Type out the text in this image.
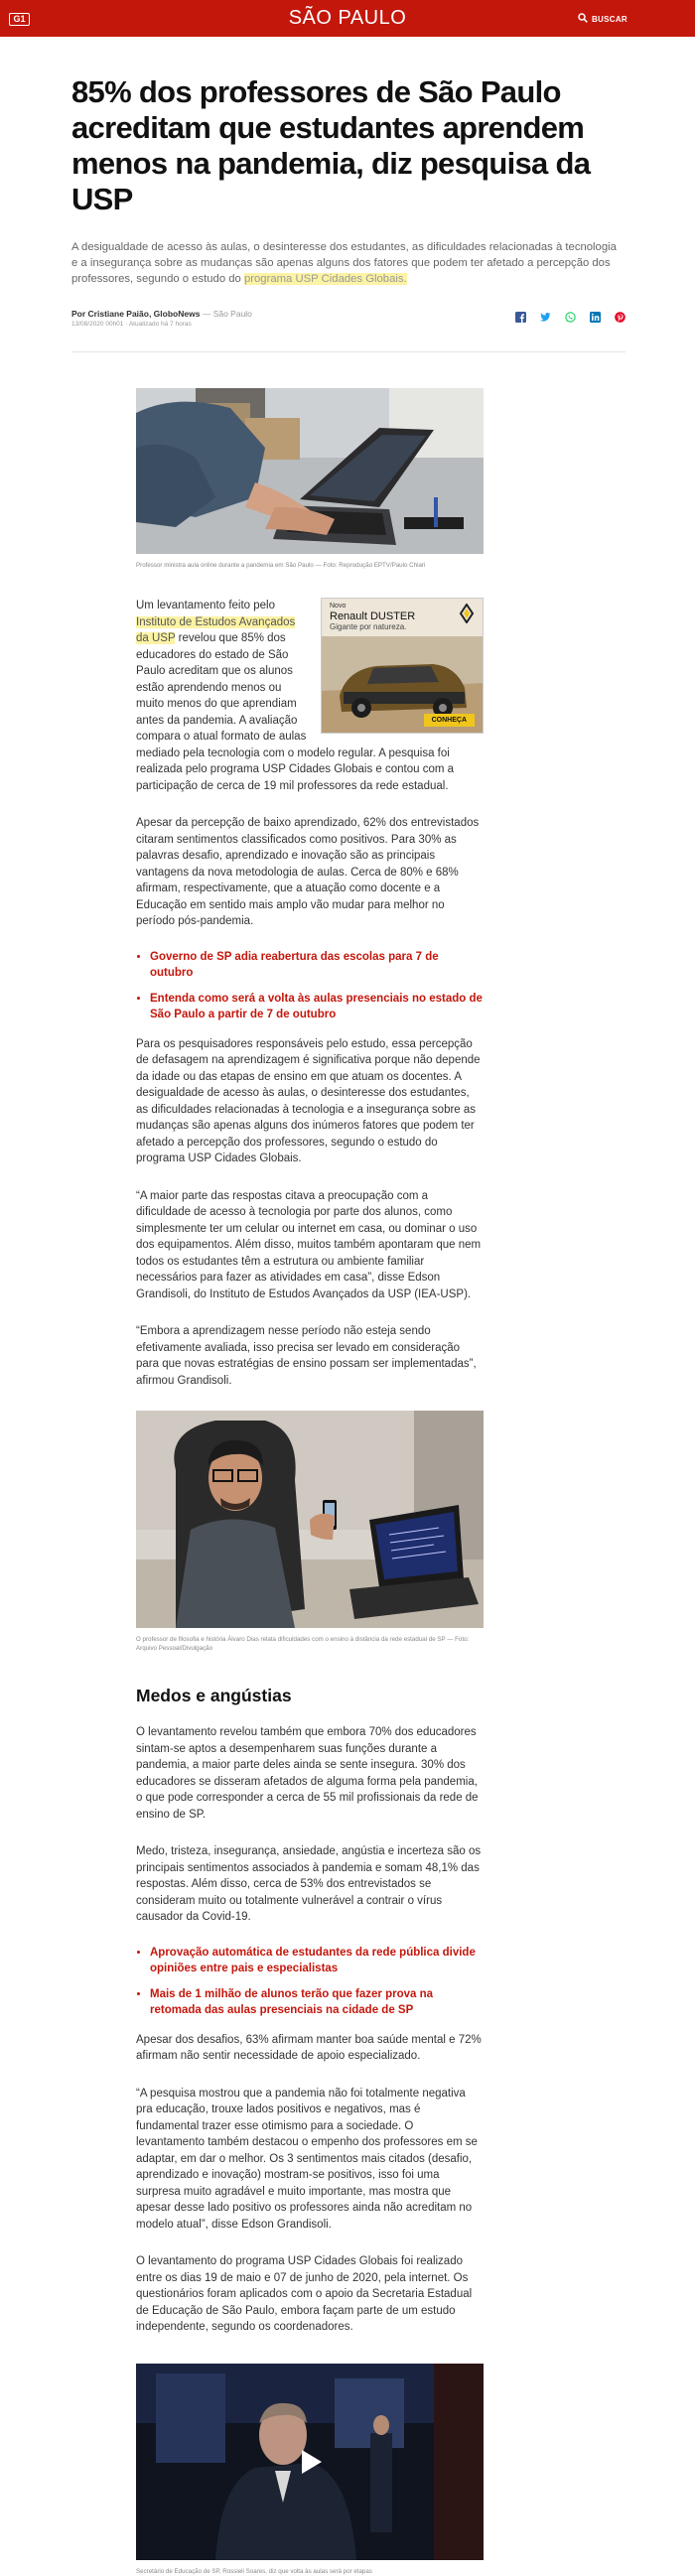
G1	SÃO PAULO	BUSCAR
85% dos professores de São Paulo acreditam que estudantes aprendem menos na pandemia, diz pesquisa da USP

A desigualdade de acesso às aulas, o desinteresse dos estudantes, as dificuldades relacionadas à tecnologia e a insegurança sobre as mudanças são apenas alguns dos fatores que podem ter afetado a percepção dos professores, segundo o estudo do programa USP Cidades Globais.

Por Cristiane Paião, GloboNews — São Paulo
13/08/2020 00h01 · Atualizado há 7 horas
Professor ministra aula online durante a pandemia em São Paulo — Foto: Reprodução EPTV/Paulo Chiari
Novo
Renault DUSTER
Gigante por natureza.
CONHEÇA

Um levantamento feito pelo Instituto de Estudos Avançados da USP revelou que 85% dos educadores do estado de São Paulo acreditam que os alunos estão aprendendo menos ou muito menos do que aprendiam antes da pandemia. A avaliação compara o atual formato de aulas mediado pela tecnologia com o modelo regular. A pesquisa foi realizada pelo programa USP Cidades Globais e contou com a participação de cerca de 19 mil professores da rede estadual.

Apesar da percepção de baixo aprendizado, 62% dos entrevistados citaram sentimentos classificados como positivos. Para 30% as palavras desafio, aprendizado e inovação são as principais vantagens da nova metodologia de aulas. Cerca de 80% e 68% afirmam, respectivamente, que a atuação como docente e a Educação em sentido mais amplo vão mudar para melhor no período pós-pandemia.

• Governo de SP adia reabertura das escolas para 7 de outubro
• Entenda como será a volta às aulas presenciais no estado de São Paulo a partir de 7 de outubro

Para os pesquisadores responsáveis pelo estudo, essa percepção de defasagem na aprendizagem é significativa porque não depende da idade ou das etapas de ensino em que atuam os docentes. A desigualdade de acesso às aulas, o desinteresse dos estudantes, as dificuldades relacionadas à tecnologia e a insegurança sobre as mudanças são apenas alguns dos inúmeros fatores que podem ter afetado a percepção dos professores, segundo o estudo do programa USP Cidades Globais.

“A maior parte das respostas citava a preocupação com a dificuldade de acesso à tecnologia por parte dos alunos, como simplesmente ter um celular ou internet em casa, ou dominar o uso dos equipamentos. Além disso, muitos também apontaram que nem todos os estudantes têm a estrutura ou ambiente familiar necessários para fazer as atividades em casa”, disse Edson Grandisoli, do Instituto de Estudos Avançados da USP (IEA-USP).

“Embora a aprendizagem nesse período não esteja sendo efetivamente avaliada, isso precisa ser levado em consideração para que novas estratégias de ensino possam ser implementadas”, afirmou Grandisoli.

O professor de filosofia e história Álvaro Dias relata dificuldades com o ensino à distância da rede estadual de SP — Foto: Arquivo Pessoal/Divulgação
Medos e angústias

O levantamento revelou também que embora 70% dos educadores sintam-se aptos a desempenharem suas funções durante a pandemia, a maior parte deles ainda se sente insegura. 30% dos educadores se disseram afetados de alguma forma pela pandemia, o que pode corresponder a cerca de 55 mil profissionais da rede de ensino de SP.

Medo, tristeza, insegurança, ansiedade, angústia e incerteza são os principais sentimentos associados à pandemia e somam 48,1% das respostas. Além disso, cerca de 53% dos entrevistados se consideram muito ou totalmente vulnerável a contrair o vírus causador da Covid-19.

• Aprovação automática de estudantes da rede pública divide opiniões entre pais e especialistas
• Mais de 1 milhão de alunos terão que fazer prova na retomada das aulas presenciais na cidade de SP

Apesar dos desafios, 63% afirmam manter boa saúde mental e 72% afirmam não sentir necessidade de apoio especializado.

“A pesquisa mostrou que a pandemia não foi totalmente negativa pra educação, trouxe lados positivos e negativos, mas é fundamental trazer esse otimismo para a sociedade. O levantamento também destacou o empenho dos professores em se adaptar, em dar o melhor. Os 3 sentimentos mais citados (desafio, aprendizado e inovação) mostram-se positivos, isso foi uma surpresa muito agradável e muito importante, mas mostra que apesar desse lado positivo os professores ainda não acreditam no modelo atual”, disse Edson Grandisoli.

O levantamento do programa USP Cidades Globais foi realizado entre os dias 19 de maio e 07 de junho de 2020, pela internet. Os questionários foram aplicados com o apoio da Secretaria Estadual de Educação de São Paulo, embora façam parte de um estudo independente, segundo os coordenadores.

Secretário de Educação de SP, Rossieli Soares, diz que volta às aulas será por etapas
